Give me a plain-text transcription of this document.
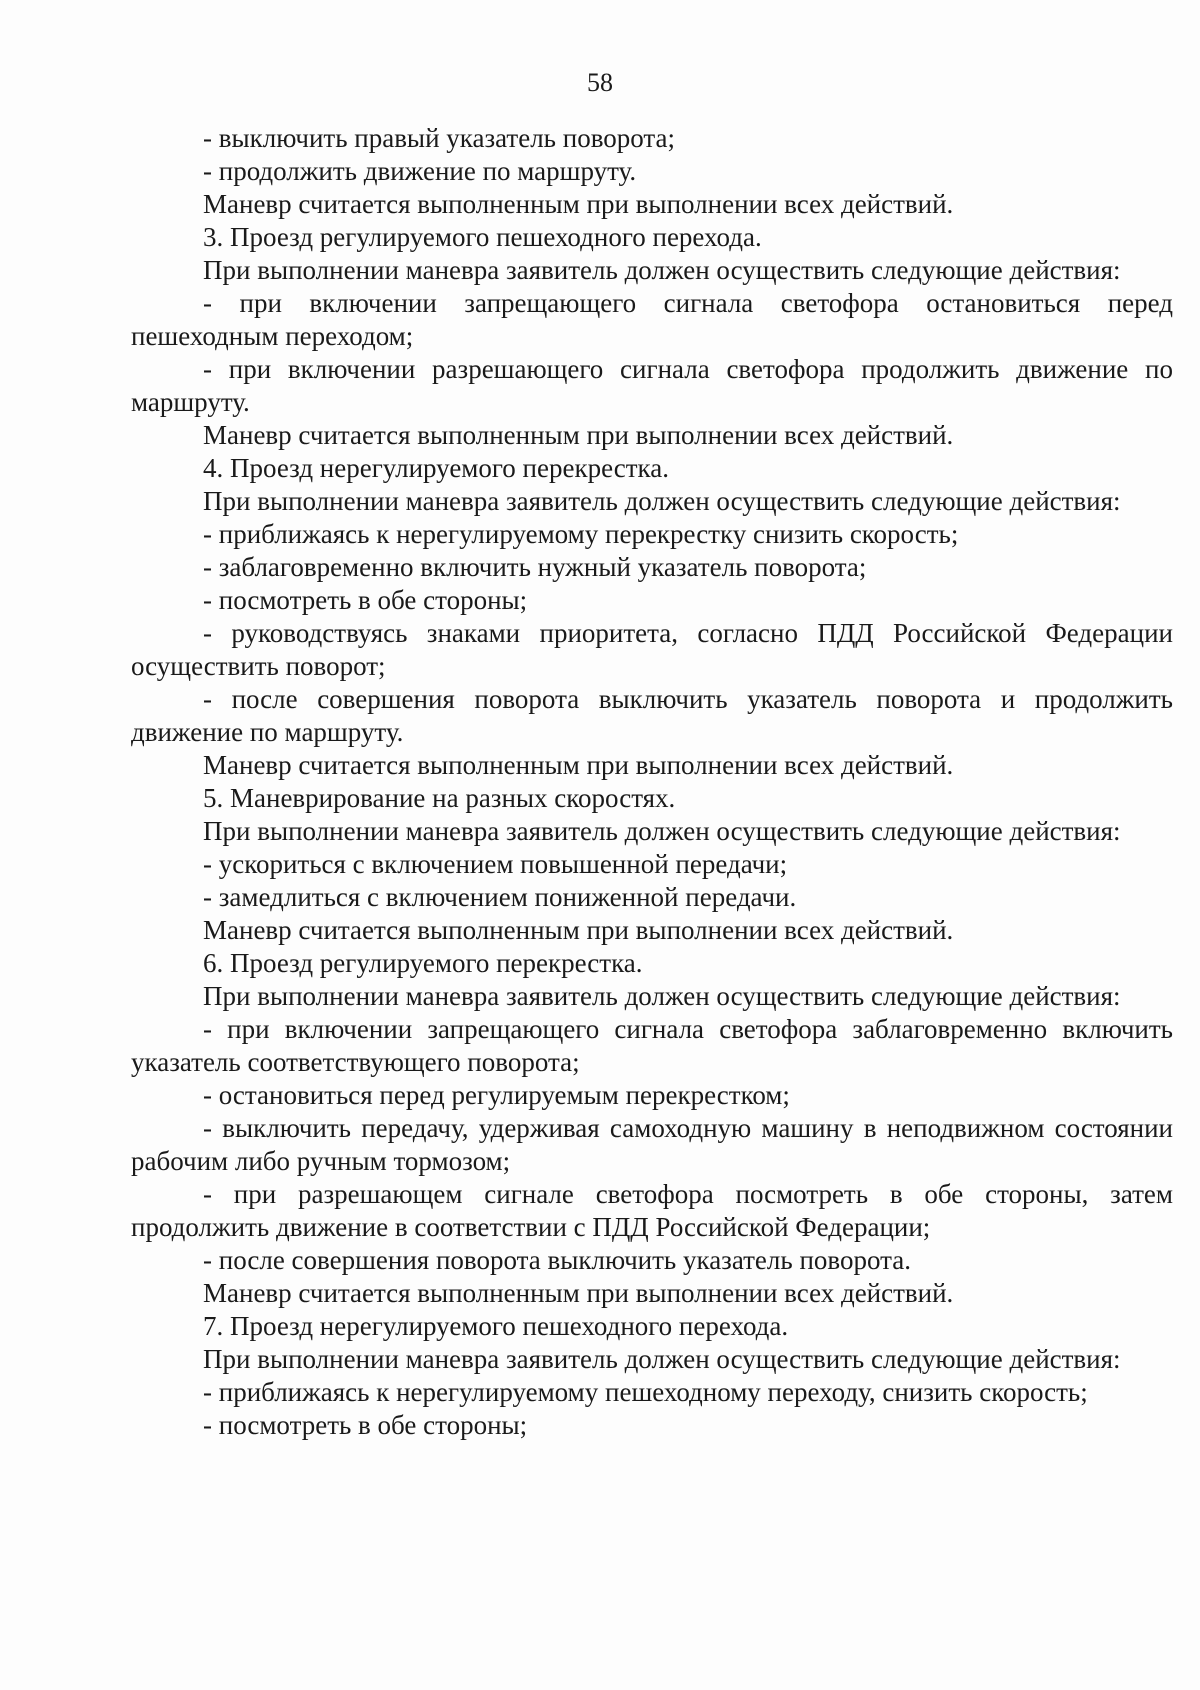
58
- выключить правый указатель поворота;
- продолжить движение по маршруту.
Маневр считается выполненным при выполнении всех действий.
3. Проезд регулируемого пешеходного перехода.
При выполнении маневра заявитель должен осуществить следующие действия:
- при включении запрещающего сигнала светофора остановиться перед пешеходным переходом;
- при включении разрешающего сигнала светофора продолжить движение по маршруту.
Маневр считается выполненным при выполнении всех действий.
4. Проезд нерегулируемого перекрестка.
При выполнении маневра заявитель должен осуществить следующие действия:
- приближаясь к нерегулируемому перекрестку снизить скорость;
- заблаговременно включить нужный указатель поворота;
- посмотреть в обе стороны;
- руководствуясь знаками приоритета, согласно ПДД Российской Федерации осуществить поворот;
- после совершения поворота выключить указатель поворота и продолжить движение по маршруту.
Маневр считается выполненным при выполнении всех действий.
5. Маневрирование на разных скоростях.
При выполнении маневра заявитель должен осуществить следующие действия:
- ускориться с включением повышенной передачи;
- замедлиться с включением пониженной передачи.
Маневр считается выполненным при выполнении всех действий.
6. Проезд регулируемого перекрестка.
При выполнении маневра заявитель должен осуществить следующие действия:
- при включении запрещающего сигнала светофора заблаговременно включить указатель соответствующего поворота;
- остановиться перед регулируемым перекрестком;
- выключить передачу, удерживая самоходную машину в неподвижном состоянии рабочим либо ручным тормозом;
- при разрешающем сигнале светофора посмотреть в обе стороны, затем продолжить движение в соответствии с ПДД Российской Федерации;
- после совершения поворота выключить указатель поворота.
Маневр считается выполненным при выполнении всех действий.
7. Проезд нерегулируемого пешеходного перехода.
При выполнении маневра заявитель должен осуществить следующие действия:
- приближаясь к нерегулируемому пешеходному переходу, снизить скорость;
- посмотреть в обе стороны;
